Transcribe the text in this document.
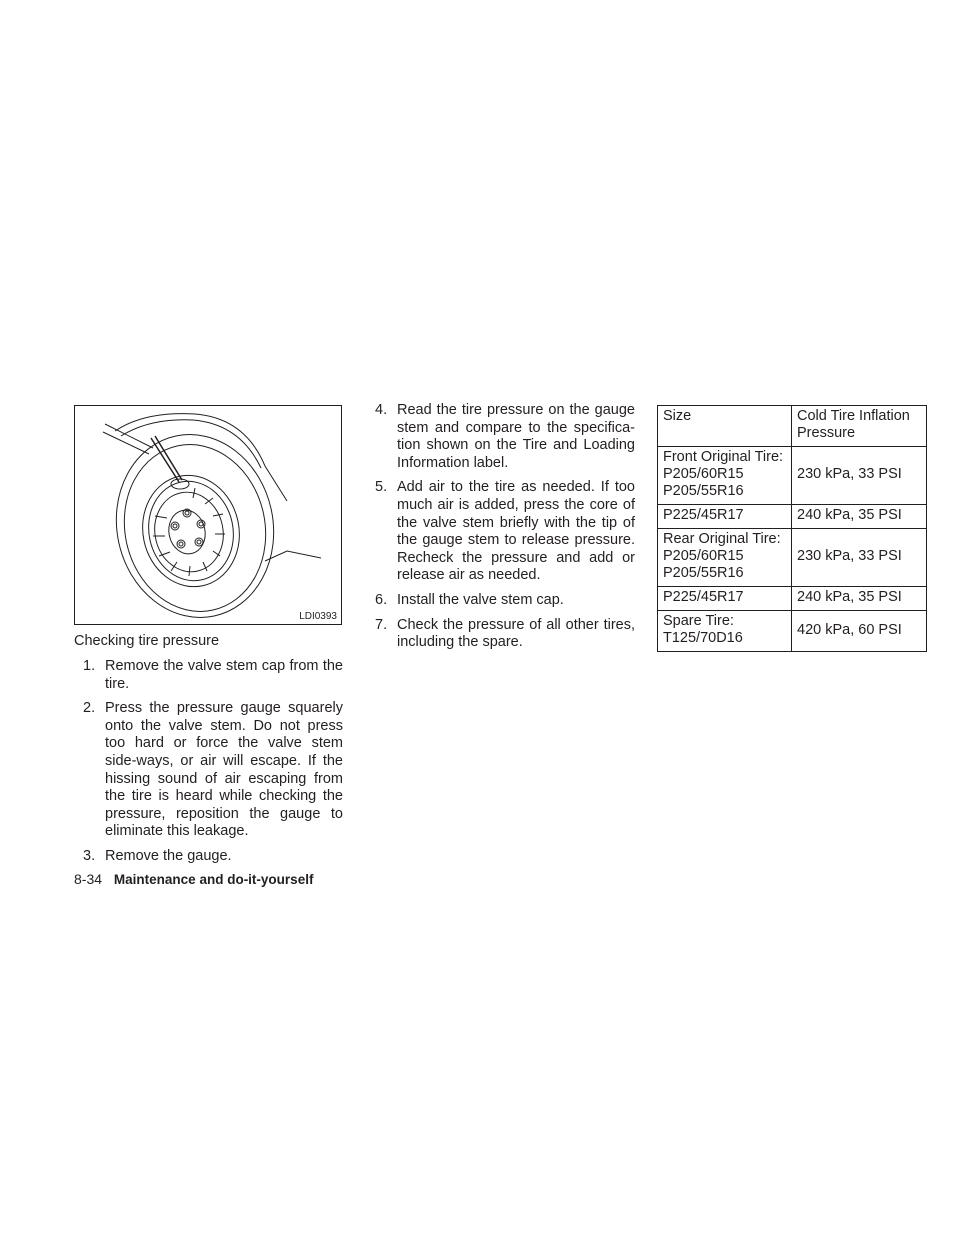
LDI0393
Checking tire pressure
1. Remove the valve stem cap from the tire.
2. Press the pressure gauge squarely onto the valve stem. Do not press too hard or force the valve stem side-ways, or air will escape. If the hissing sound of air escaping from the tire is heard while checking the pressure, reposition the gauge to eliminate this leakage.
3. Remove the gauge.
8-34 Maintenance and do-it-yourself
4. Read the tire pressure on the gauge stem and compare to the specifica-tion shown on the Tire and Loading Information label.
5. Add air to the tire as needed. If too much air is added, press the core of the valve stem briefly with the tip of the gauge stem to release pressure. Recheck the pressure and add or release air as needed.
6. Install the valve stem cap.
7. Check the pressure of all other tires, including the spare.
Size	Cold Tire Inflation
Pressure

Front Original Tire:
P205/60R15
P205/55R16	230 kPa, 33 PSI

P225/45R17	240 kPa, 35 PSI

Rear Original Tire:
P205/60R15
P205/55R16	230 kPa, 33 PSI

P225/45R17	240 kPa, 35 PSI

Spare Tire:
T125/70D16	420 kPa, 60 PSI
